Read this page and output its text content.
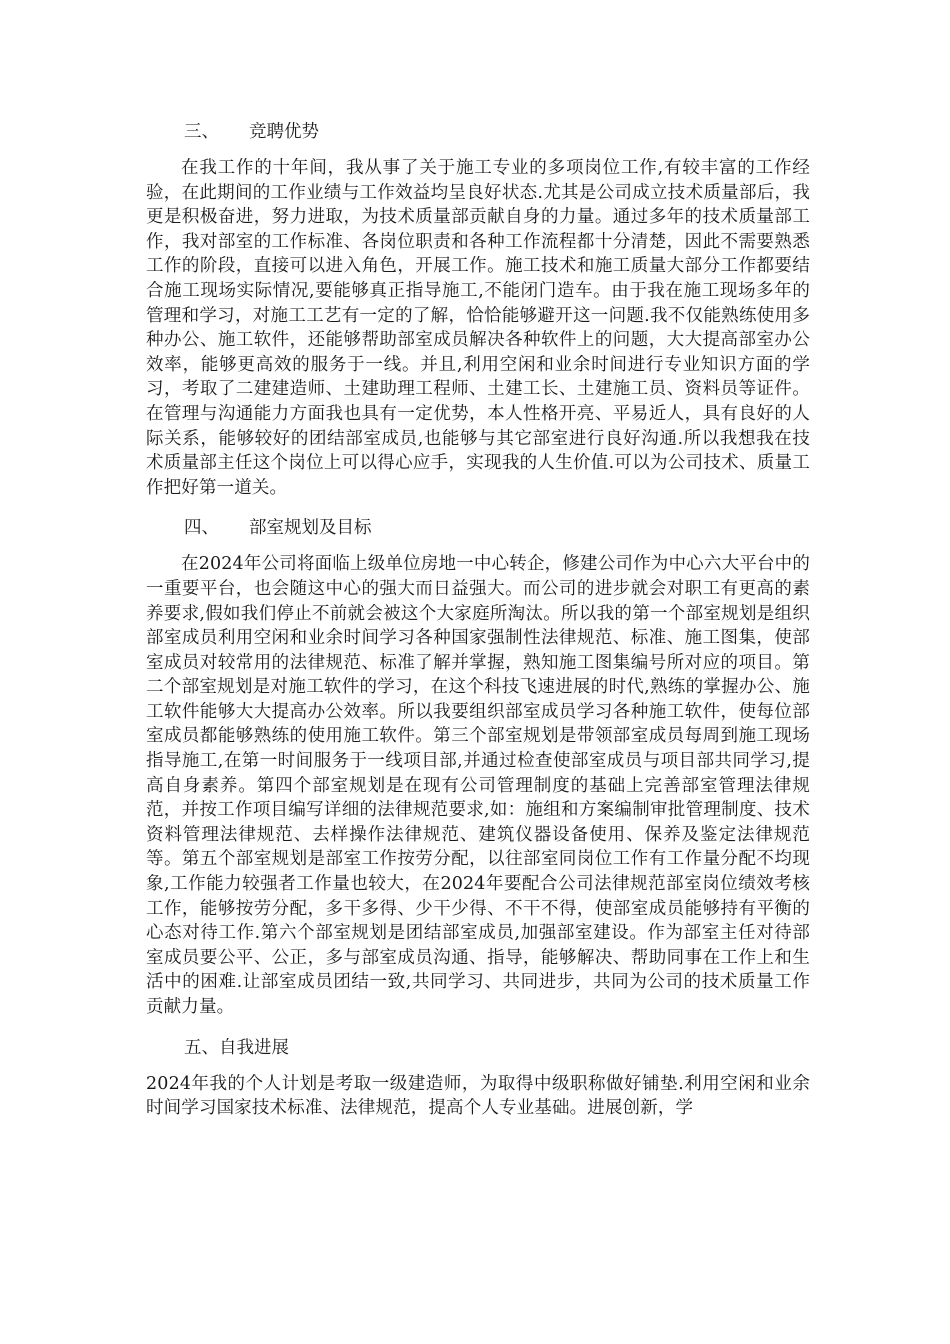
三、 竞聘优势

在我工作的十年间，我从事了关于施工专业的多项岗位工作,有较丰富的工作经验，在此期间的工作业绩与工作效益均呈良好状态.尤其是公司成立技术质量部后，我更是积极奋进，努力进取，为技术质量部贡献自身的力量。通过多年的技术质量部工作，我对部室的工作标准、各岗位职责和各种工作流程都十分清楚，因此不需要熟悉工作的阶段，直接可以进入角色，开展工作。施工技术和施工质量大部分工作都要结合施工现场实际情况,要能够真正指导施工,不能闭门造车。由于我在施工现场多年的管理和学习，对施工工艺有一定的了解，恰恰能够避开这一问题.我不仅能熟练使用多种办公、施工软件，还能够帮助部室成员解决各种软件上的问题，大大提高部室办公效率，能够更高效的服务于一线。并且,利用空闲和业余时间进行专业知识方面的学习，考取了二建建造师、土建助理工程师、土建工长、土建施工员、资料员等证件。在管理与沟通能力方面我也具有一定优势，本人性格开亮、平易近人，具有良好的人际关系，能够较好的团结部室成员,也能够与其它部室进行良好沟通.所以我想我在技术质量部主任这个岗位上可以得心应手，实现我的人生价值.可以为公司技术、质量工作把好第一道关。

四、 部室规划及目标

在2024年公司将面临上级单位房地一中心转企，修建公司作为中心六大平台中的一重要平台，也会随这中心的强大而日益强大。而公司的进步就会对职工有更高的素养要求,假如我们停止不前就会被这个大家庭所淘汰。所以我的第一个部室规划是组织部室成员利用空闲和业余时间学习各种国家强制性法律规范、标准、施工图集，使部室成员对较常用的法律规范、标准了解并掌握，熟知施工图集编号所对应的项目。第二个部室规划是对施工软件的学习，在这个科技飞速进展的时代,熟练的掌握办公、施工软件能够大大提高办公效率。所以我要组织部室成员学习各种施工软件，使每位部室成员都能够熟练的使用施工软件。第三个部室规划是带领部室成员每周到施工现场指导施工,在第一时间服务于一线项目部,并通过检查使部室成员与项目部共同学习,提高自身素养。第四个部室规划是在现有公司管理制度的基础上完善部室管理法律规范，并按工作项目编写详细的法律规范要求,如：施组和方案编制审批管理制度、技术资料管理法律规范、去样操作法律规范、建筑仪器设备使用、保养及鉴定法律规范等。第五个部室规划是部室工作按劳分配，以往部室同岗位工作有工作量分配不均现象,工作能力较强者工作量也较大，在2024年要配合公司法律规范部室岗位绩效考核工作，能够按劳分配，多干多得、少干少得、不干不得，使部室成员能够持有平衡的心态对待工作.第六个部室规划是团结部室成员,加强部室建设。作为部室主任对待部室成员要公平、公正，多与部室成员沟通、指导，能够解决、帮助同事在工作上和生活中的困难.让部室成员团结一致,共同学习、共同进步，共同为公司的技术质量工作贡献力量。

五、自我进展

2024年我的个人计划是考取一级建造师，为取得中级职称做好铺垫.利用空闲和业余时间学习国家技术标准、法律规范，提高个人专业基础。进展创新，学
